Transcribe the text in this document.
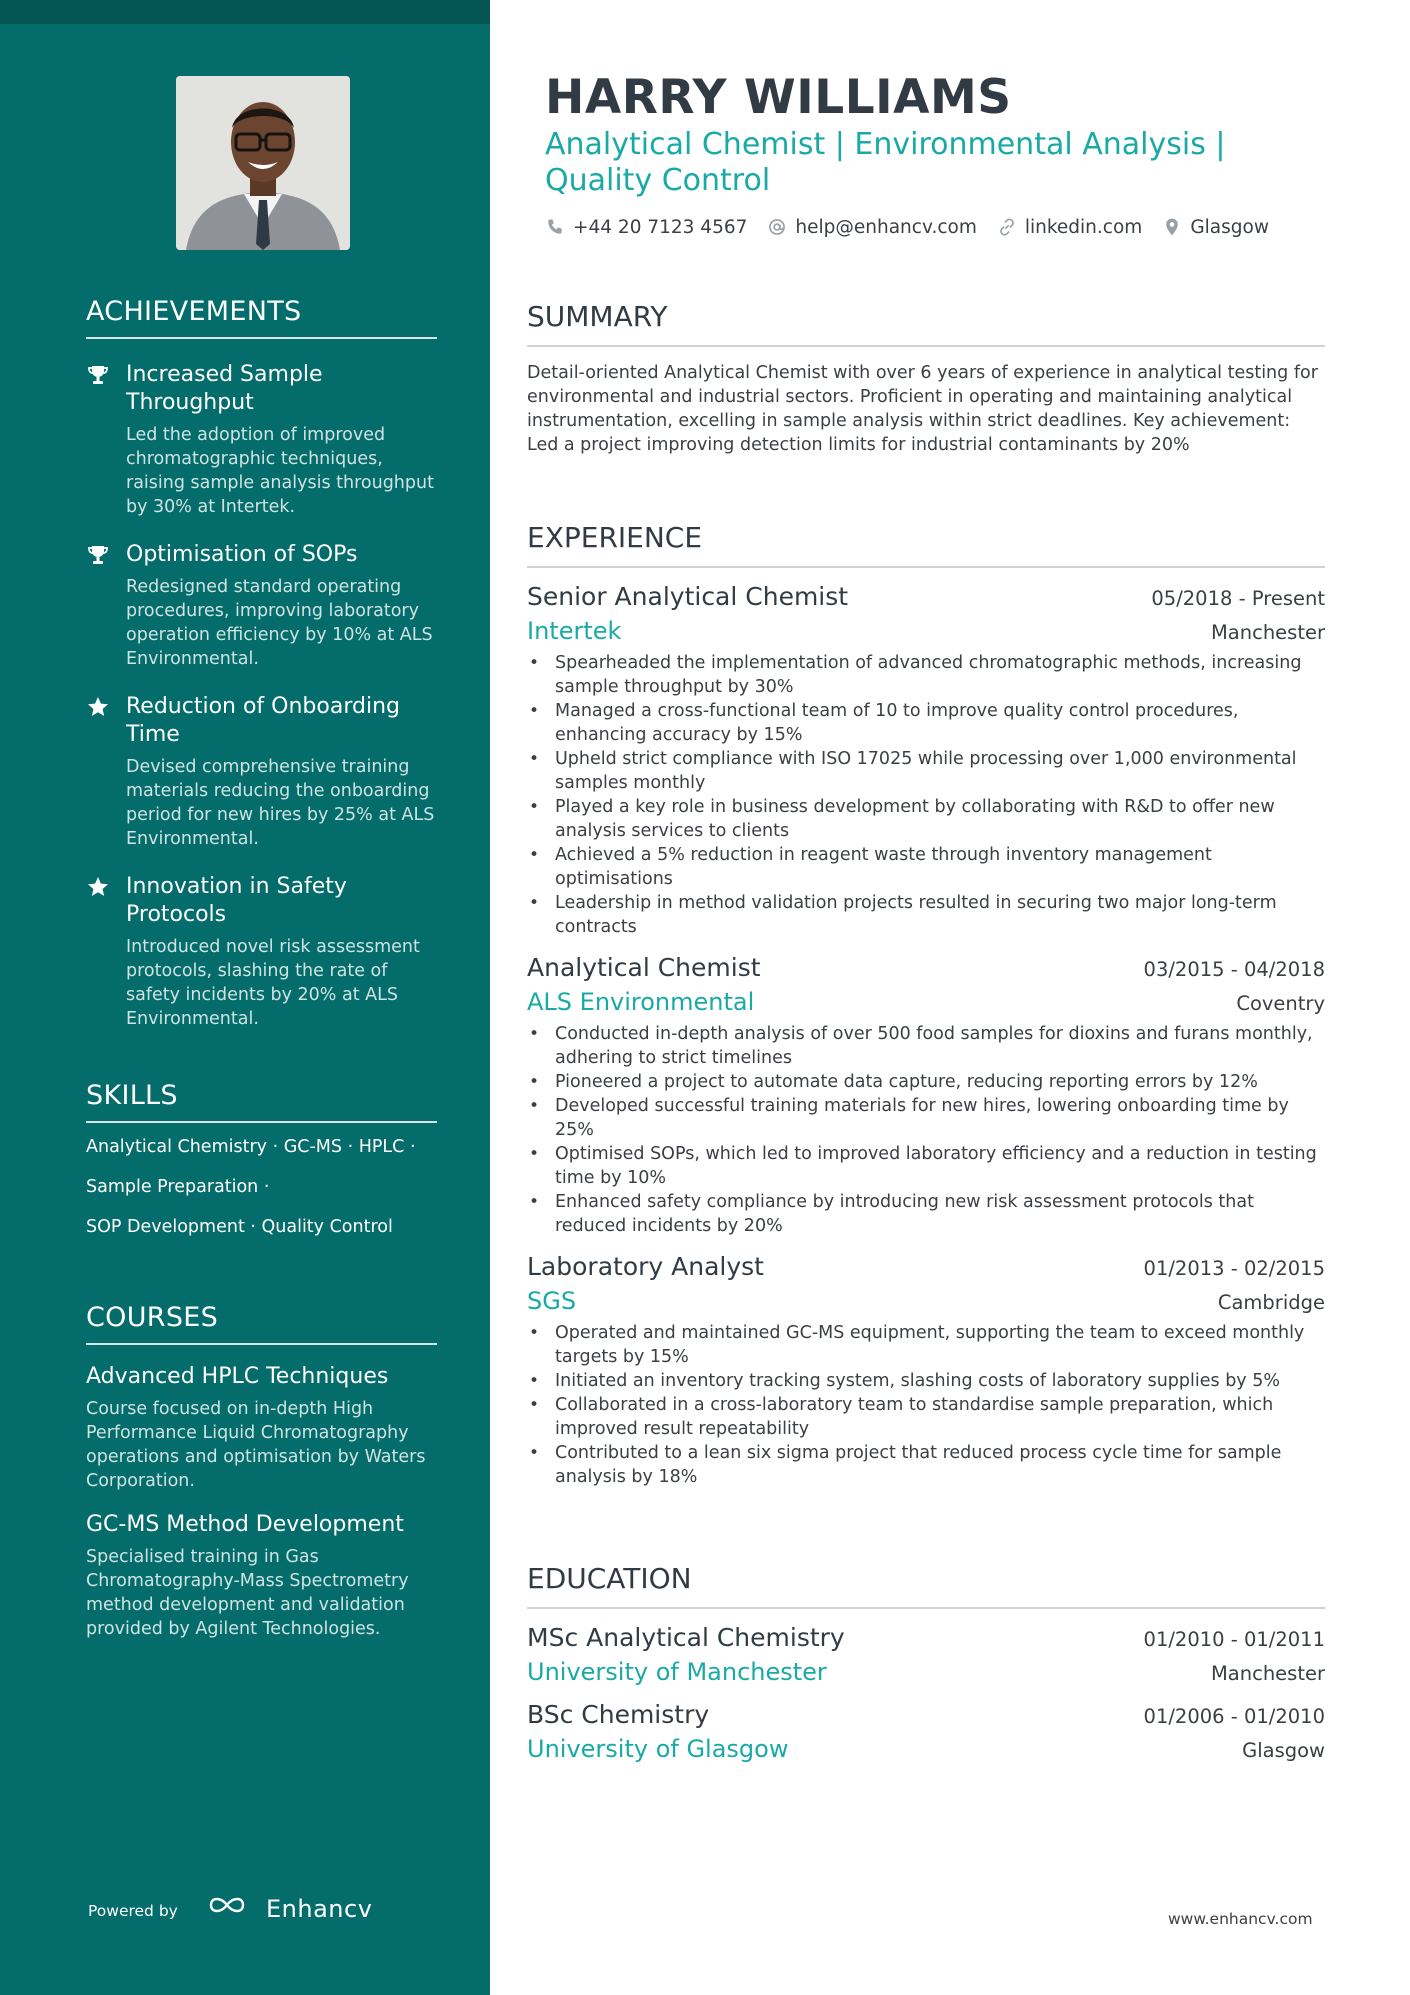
ACHIEVEMENTS
Increased Sample Throughput
Led the adoption of improved chromatographic techniques, raising sample analysis throughput by 30% at Intertek.
Optimisation of SOPs
Redesigned standard operating procedures, improving laboratory operation efficiency by 10% at ALS Environmental.
Reduction of Onboarding Time
Devised comprehensive training materials reducing the onboarding period for new hires by 25% at ALS Environmental.
Innovation in Safety Protocols
Introduced novel risk assessment protocols, slashing the rate of safety incidents by 20% at ALS Environmental.
SKILLS
Analytical Chemistry · GC-MS · HPLC ·
Sample Preparation ·
SOP Development · Quality Control
COURSES
Advanced HPLC Techniques
Course focused on in-depth High Performance Liquid Chromatography operations and optimisation by Waters Corporation.
GC-MS Method Development
Specialised training in Gas Chromatography-Mass Spectrometry method development and validation provided by Agilent Technologies.
Powered by	Enhancv
HARRY WILLIAMS
Analytical Chemist | Environmental Analysis | Quality Control
+44 20 7123 4567	help@enhancv.com	linkedin.com	Glasgow
SUMMARY
Detail-oriented Analytical Chemist with over 6 years of experience in analytical testing for environmental and industrial sectors. Proficient in operating and maintaining analytical instrumentation, excelling in sample analysis within strict deadlines. Key achievement: Led a project improving detection limits for industrial contaminants by 20%
EXPERIENCE
Senior Analytical Chemist	05/2018 - Present
Intertek	Manchester
• Spearheaded the implementation of advanced chromatographic methods, increasing sample throughput by 30%
• Managed a cross-functional team of 10 to improve quality control procedures, enhancing accuracy by 15%
• Upheld strict compliance with ISO 17025 while processing over 1,000 environmental samples monthly
• Played a key role in business development by collaborating with R&D to offer new analysis services to clients
• Achieved a 5% reduction in reagent waste through inventory management optimisations
• Leadership in method validation projects resulted in securing two major long-term contracts
Analytical Chemist	03/2015 - 04/2018
ALS Environmental	Coventry
• Conducted in-depth analysis of over 500 food samples for dioxins and furans monthly, adhering to strict timelines
• Pioneered a project to automate data capture, reducing reporting errors by 12%
• Developed successful training materials for new hires, lowering onboarding time by 25%
• Optimised SOPs, which led to improved laboratory efficiency and a reduction in testing time by 10%
• Enhanced safety compliance by introducing new risk assessment protocols that reduced incidents by 20%
Laboratory Analyst	01/2013 - 02/2015
SGS	Cambridge
• Operated and maintained GC-MS equipment, supporting the team to exceed monthly targets by 15%
• Initiated an inventory tracking system, slashing costs of laboratory supplies by 5%
• Collaborated in a cross-laboratory team to standardise sample preparation, which improved result repeatability
• Contributed to a lean six sigma project that reduced process cycle time for sample analysis by 18%
EDUCATION
MSc Analytical Chemistry	01/2010 - 01/2011
University of Manchester	Manchester
BSc Chemistry	01/2006 - 01/2010
University of Glasgow	Glasgow
www.enhancv.com
